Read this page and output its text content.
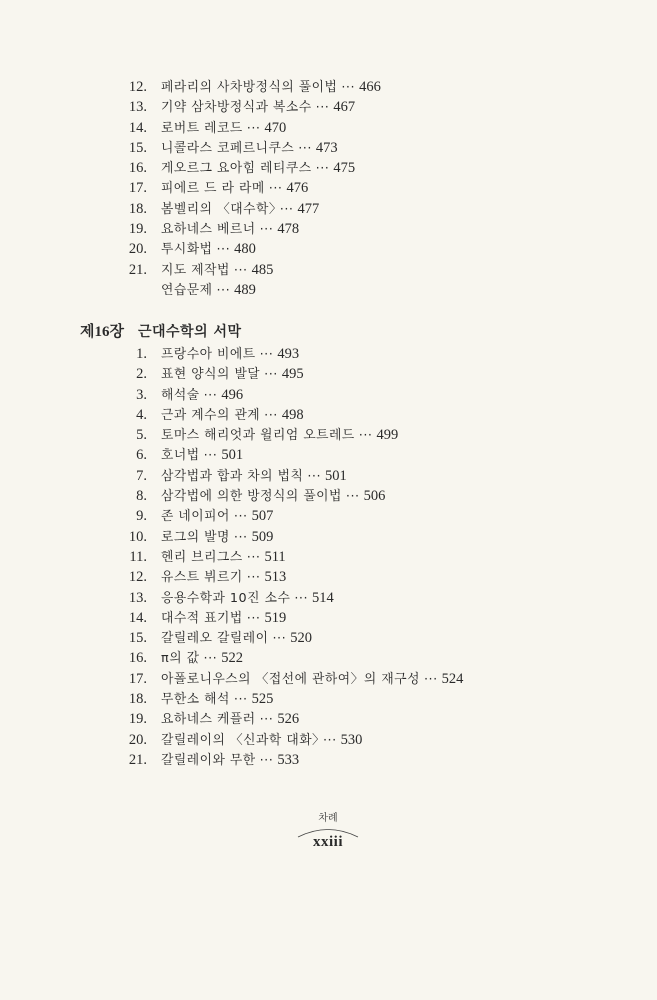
12. 페라리의 사차방정식의 풀이법 ··· 466
13. 기약 삼차방정식과 복소수 ··· 467
14. 로버트 레코드 ··· 470
15. 니콜라스 코페르니쿠스 ··· 473
16. 게오르그 요아힘 레티쿠스 ··· 475
17. 피에르 드 라 라메 ··· 476
18. 봄벨리의 〈대수학〉 ··· 477
19. 요하네스 베르너 ··· 478
20. 투시화법 ··· 480
21. 지도 제작법 ··· 485
연습문제 ··· 489
제16장 근대수학의 서막
1. 프랑수아 비에트 ··· 493
2. 표현 양식의 발달 ··· 495
3. 해석술 ··· 496
4. 근과 계수의 관계 ··· 498
5. 토마스 해리엇과 윌리엄 오트레드 ··· 499
6. 호너법 ··· 501
7. 삼각법과 합과 차의 법칙 ··· 501
8. 삼각법에 의한 방정식의 풀이법 ··· 506
9. 존 네이피어 ··· 507
10. 로그의 발명 ··· 509
11. 헨리 브리그스 ··· 511
12. 유스트 뷔르기 ··· 513
13. 응용수학과 10진 소수 ··· 514
14. 대수적 표기법 ··· 519
15. 갈릴레오 갈릴레이 ··· 520
16. π의 값 ··· 522
17. 아폴로니우스의 〈접선에 관하여〉의 재구성 ··· 524
18. 무한소 해석 ··· 525
19. 요하네스 케플러 ··· 526
20. 갈릴레이의 〈신과학 대화〉 ··· 530
21. 갈릴레이와 무한 ··· 533
차례
xxiii
